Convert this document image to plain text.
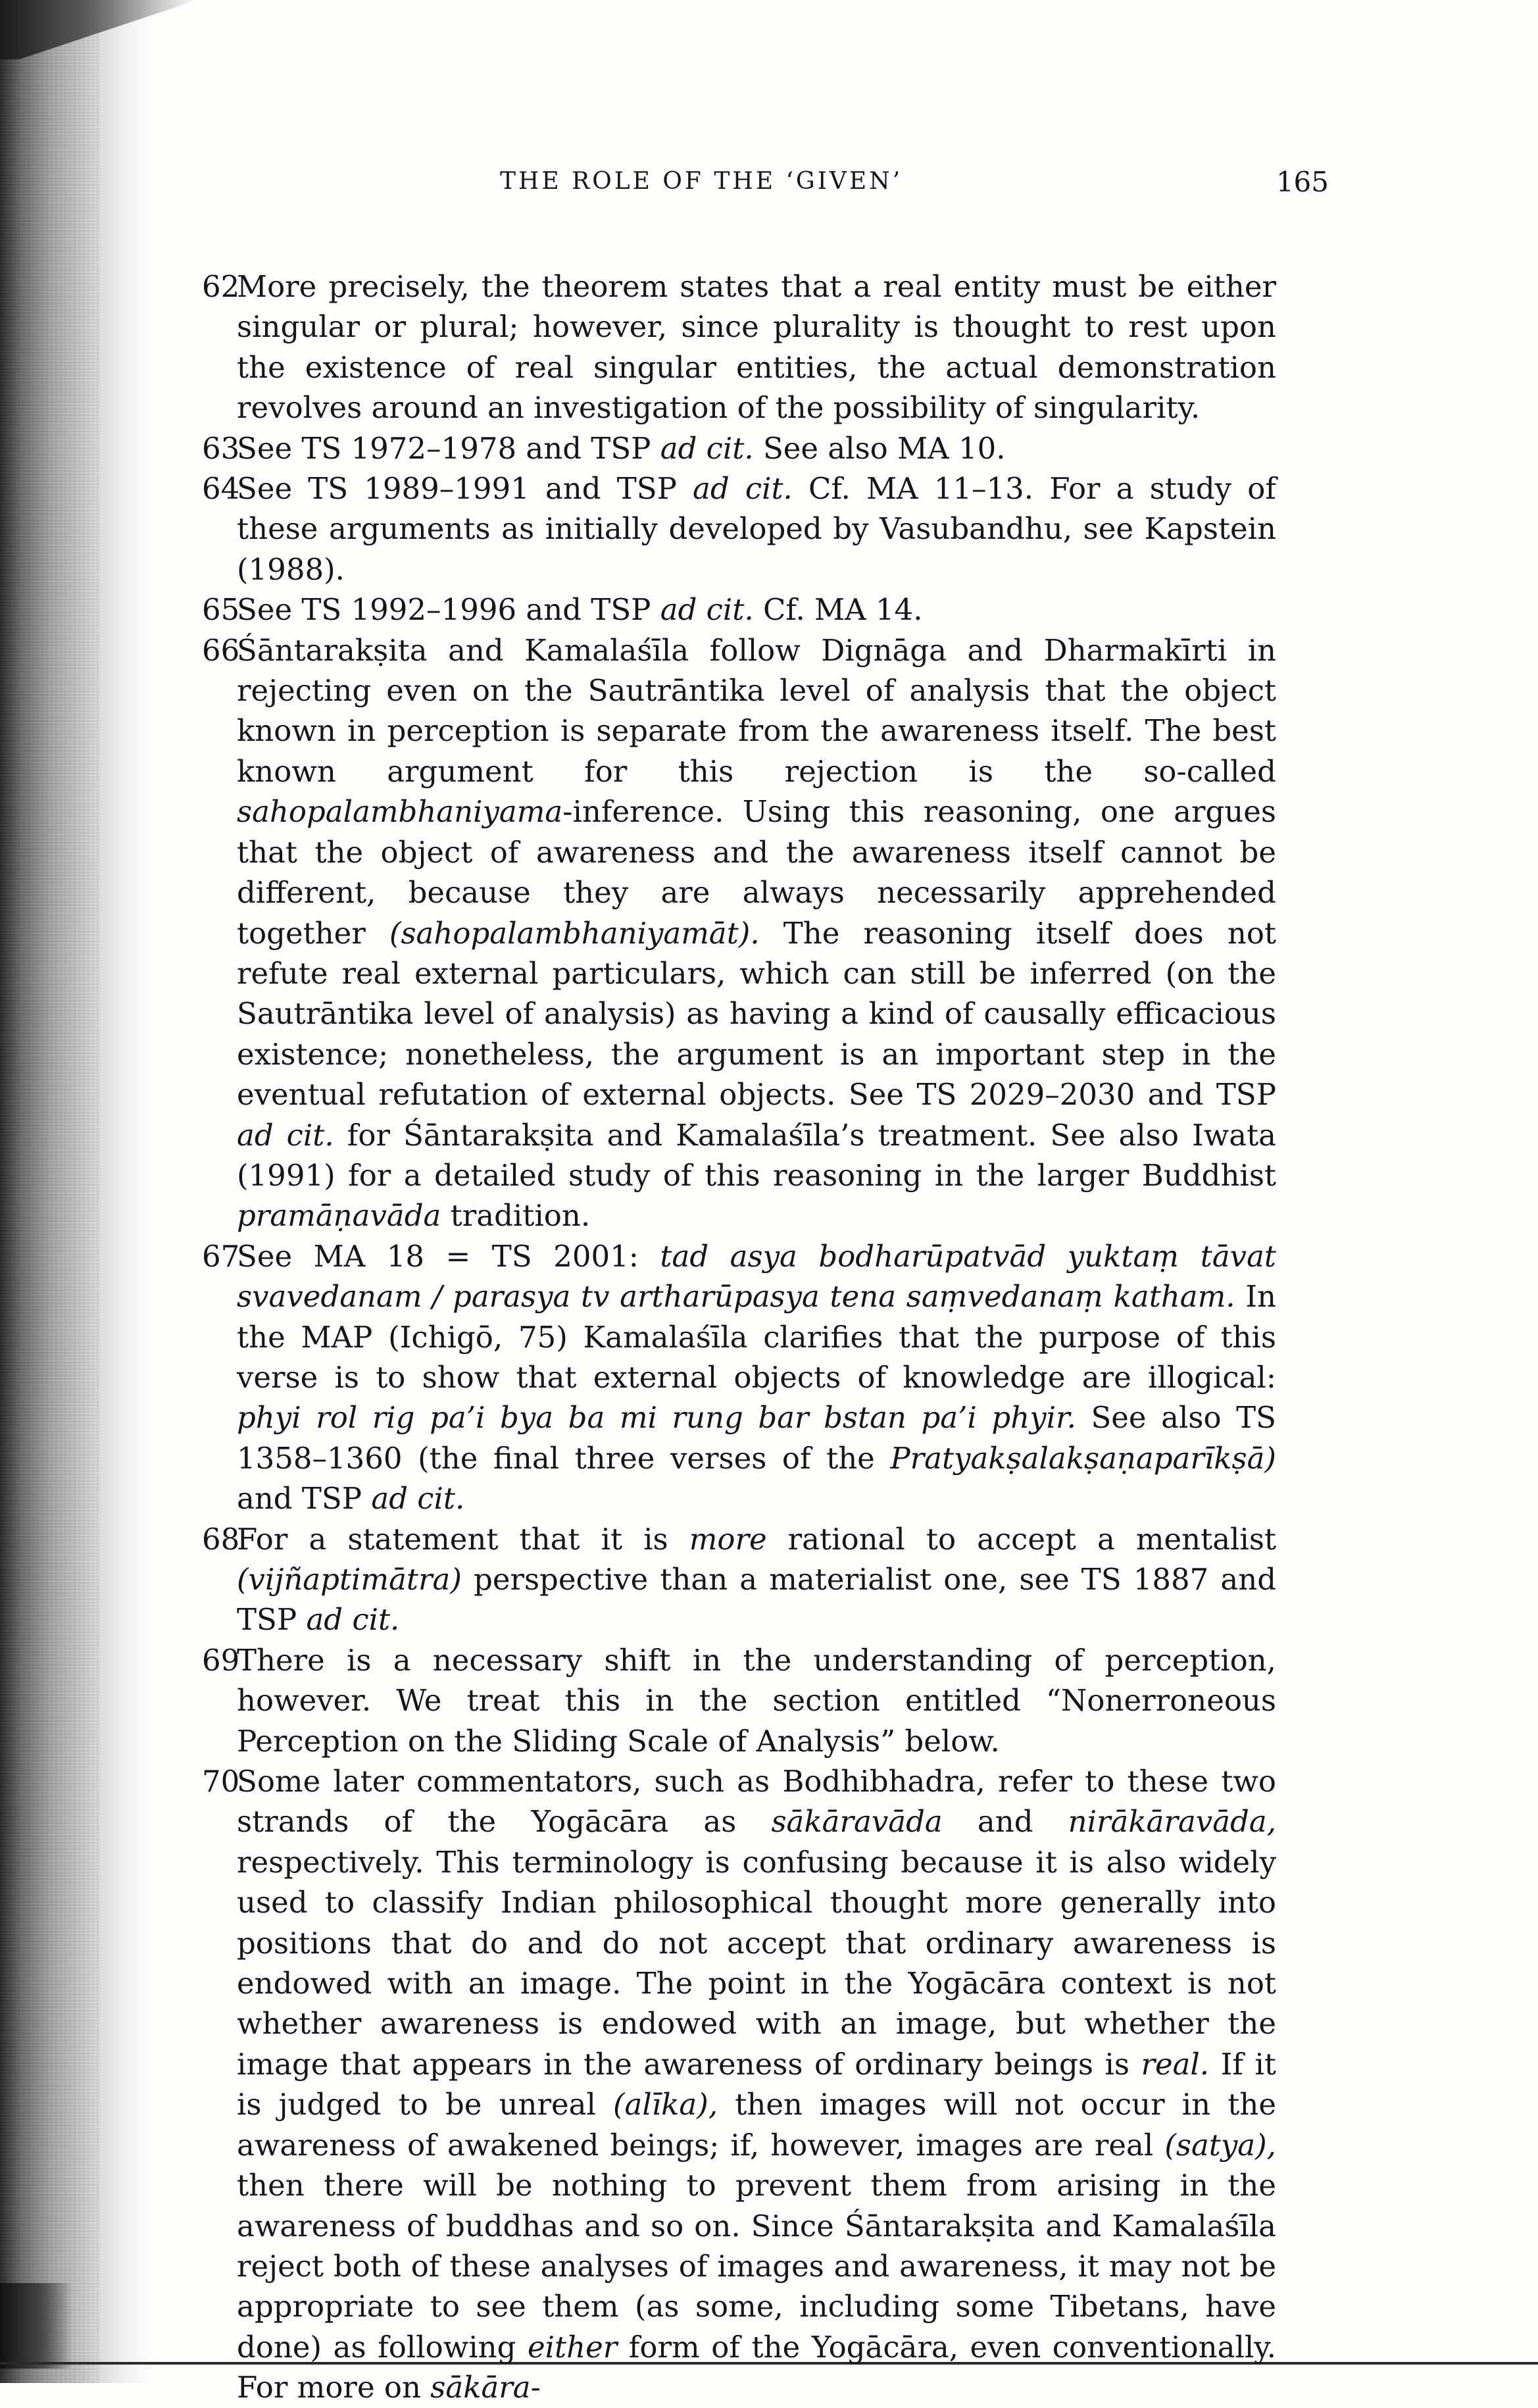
THE ROLE OF THE ‘GIVEN’	165
62
More precisely, the theorem states that a real entity must be either singular or plural; however, since plurality is thought to rest upon the existence of real singular entities, the actual demonstration revolves around an investigation of the possibility of singularity.
63
See TS 1972–1978 and TSP ad cit. See also MA 10.
64
See TS 1989–1991 and TSP ad cit. Cf. MA 11–13. For a study of these arguments as initially developed by Vasubandhu, see Kapstein (1988).
65
See TS 1992–1996 and TSP ad cit. Cf. MA 14.
66
Śāntarakṣita and Kamalaśīla follow Dignāga and Dharmakīrti in rejecting even on the Sautrāntika level of analysis that the object known in perception is separate from the awareness itself. The best known argument for this rejection is the so-called sahopalambhaniyama-inference. Using this reasoning, one argues that the object of awareness and the awareness itself cannot be different, because they are always necessarily apprehended together (sahopalambhaniyamāt). The reasoning itself does not refute real external particulars, which can still be inferred (on the Sautrāntika level of analysis) as having a kind of causally efficacious existence; nonetheless, the argument is an important step in the eventual refutation of external objects. See TS 2029–2030 and TSP ad cit. for Śāntarakṣita and Kamalaśīla’s treatment. See also Iwata (1991) for a detailed study of this reasoning in the larger Buddhist pramāṇavāda tradition.
67
See MA 18 = TS 2001: tad asya bodharūpatvād yuktaṃ tāvat svavedanam / parasya tv artharūpasya tena saṃvedanaṃ katham. In the MAP (Ichigō, 75) Kamalaśīla clarifies that the purpose of this verse is to show that external objects of knowledge are illogical: phyi rol rig pa’i bya ba mi rung bar bstan pa’i phyir. See also TS 1358–1360 (the final three verses of the Pratyakṣalakṣaṇaparīkṣā) and TSP ad cit.
68
For a statement that it is more rational to accept a mentalist (vijñaptimātra) perspective than a materialist one, see TS 1887 and TSP ad cit.
69
There is a necessary shift in the understanding of perception, however. We treat this in the section entitled “Nonerroneous Perception on the Sliding Scale of Analysis” below.
70
Some later commentators, such as Bodhibhadra, refer to these two strands of the Yogācāra as sākāravāda and nirākāravāda, respectively. This terminology is confusing because it is also widely used to classify Indian philosophical thought more generally into positions that do and do not accept that ordinary awareness is endowed with an image. The point in the Yogācāra context is not whether awareness is endowed with an image, but whether the image that appears in the awareness of ordinary beings is real. If it is judged to be unreal (alīka), then images will not occur in the awareness of awakened beings; if, however, images are real (satya), then there will be nothing to prevent them from arising in the awareness of buddhas and so on. Since Śāntarakṣita and Kamalaśīla reject both of these analyses of images and awareness, it may not be appropriate to see them (as some, including some Tibetans, have done) as following either form of the Yogācāra, even conventionally. For more on sākāra-
